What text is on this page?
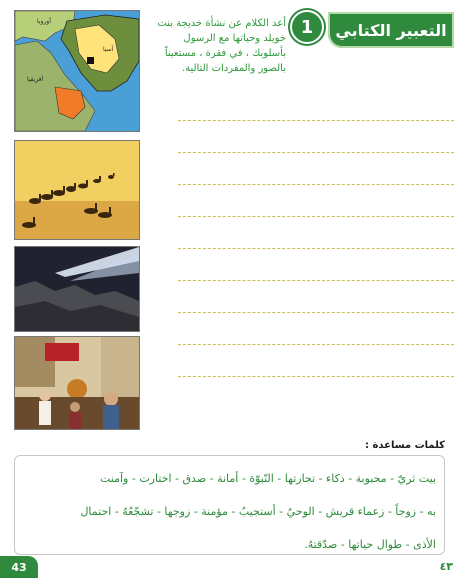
التعبير الكتابي
1
أعد الكلام عن نشأة خديجة بنت خويلد وحياتها مع الرسول بأسلوبك ، في فقرة ، مستعيناً بالصور والمفردات التالية.
آسيا
أوروبا
أفريقيا
كلمات مساعدة :
بيت ثريّ - محبوبة - ذكاء - تجارتها - النّبوّة - أمانة - صدق - اختارت - وآمنت
به - زوجاً - زعماء قريش - الوحيُ - أستجيبُ - مؤمنة - زوجها - تشجّعُهُ - احتمال
الأذى - طوال حياتها - صدّقتهُ.
43	٤٣
